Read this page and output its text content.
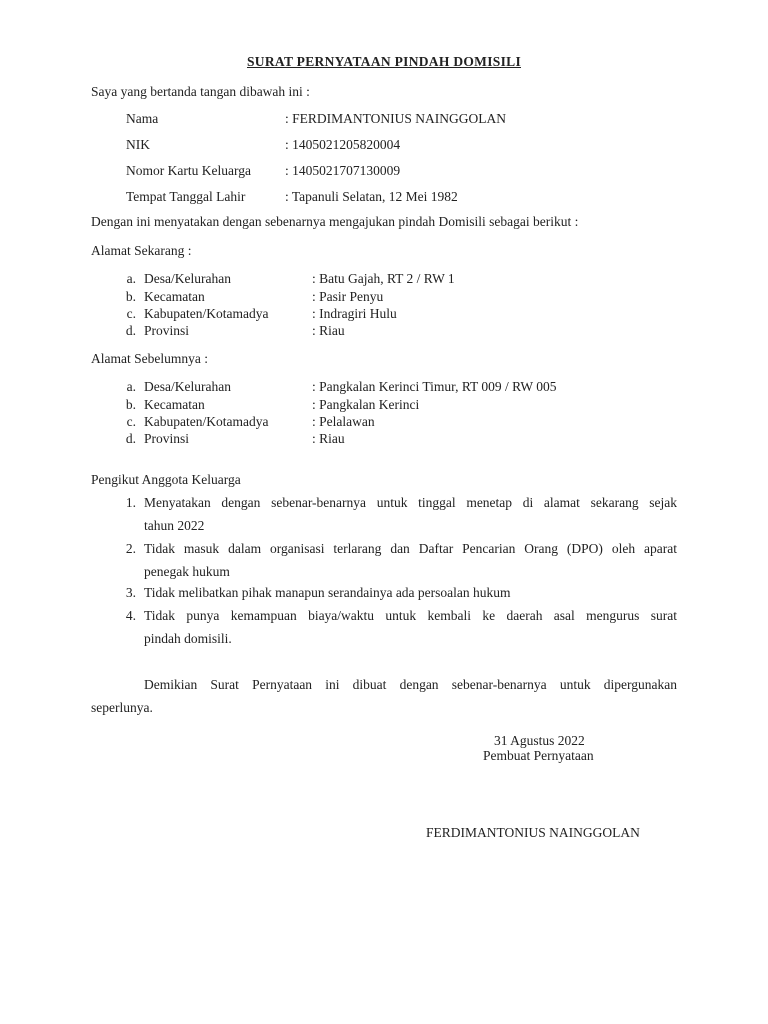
SURAT PERNYATAAN PINDAH DOMISILI
Saya yang bertanda tangan dibawah ini :
Nama	: FERDIMANTONIUS NAINGGOLAN
NIK	: 1405021205820004
Nomor Kartu Keluarga	: 1405021707130009
Tempat Tanggal Lahir	: Tapanuli Selatan, 12 Mei 1982
Dengan ini menyatakan dengan sebenarnya mengajukan pindah Domisili sebagai berikut :
Alamat Sekarang :
a. Desa/Kelurahan	: Batu Gajah, RT 2 / RW 1
b. Kecamatan	: Pasir Penyu
c. Kabupaten/Kotamadya	: Indragiri Hulu
d. Provinsi	: Riau
Alamat Sebelumnya :
a. Desa/Kelurahan	: Pangkalan Kerinci Timur, RT 009 / RW 005
b. Kecamatan	: Pangkalan Kerinci
c. Kabupaten/Kotamadya	: Pelalawan
d. Provinsi	: Riau
Pengikut Anggota Keluarga
1. Menyatakan dengan sebenar-benarnya untuk tinggal menetap di alamat sekarang sejak
tahun 2022
2. Tidak masuk dalam organisasi terlarang dan Daftar Pencarian Orang (DPO) oleh aparat
penegak hukum
3. Tidak melibatkan pihak manapun serandainya ada persoalan hukum
4. Tidak punya kemampuan biaya/waktu untuk kembali ke daerah asal mengurus surat
pindah domisili.
Demikian Surat Pernyataan ini dibuat dengan sebenar-benarnya untuk dipergunakan
seperlunya.
31 Agustus 2022
Pembuat Pernyataan
FERDIMANTONIUS NAINGGOLAN
